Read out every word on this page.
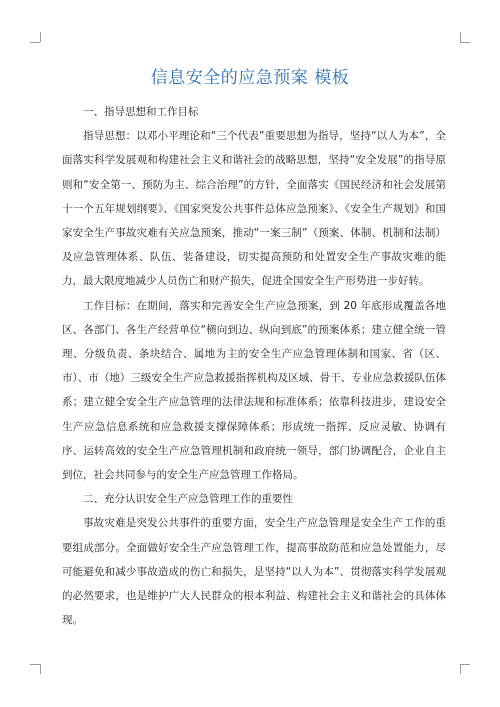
信息安全的应急预案 模板

一、指导思想和工作目标

指导思想：以邓小平理论和“三个代表”重要思想为指导，坚持“以人为本”，全面落实科学发展观和构建社会主义和谐社会的战略思想，坚持“安全发展”的指导原则和“安全第一、预防为主、综合治理”的方针，全面落实《国民经济和社会发展第十一个五年规划纲要》、《国家突发公共事件总体应急预案》、《安全生产规划》和国家安全生产事故灾难有关应急预案，推动“一案三制”（预案、体制、机制和法制）及应急管理体系、队伍、装备建设，切实提高预防和处置安全生产事故灾难的能力，最大限度地减少人员伤亡和财产损失，促进全国安全生产形势进一步好转。

工作目标：在期间，落实和完善安全生产应急预案，到 20 年底形成覆盖各地区、各部门、各生产经营单位“横向到边、纵向到底”的预案体系；建立健全统一管理、分级负责、条块结合、属地为主的安全生产应急管理体制和国家、省（区、市）、市（地）三级安全生产应急救援指挥机构及区域、骨干、专业应急救援队伍体系；建立健全安全生产应急管理的法律法规和标准体系；依靠科技进步，建设安全生产应急信息系统和应急救援支撑保障体系；形成统一指挥、反应灵敏、协调有序、运转高效的安全生产应急管理机制和政府统一领导，部门协调配合，企业自主到位，社会共同参与的安全生产应急管理工作格局。

二、充分认识安全生产应急管理工作的重要性

事故灾难是突发公共事件的重要方面，安全生产应急管理是安全生产工作的重要组成部分。全面做好安全生产应急管理工作，提高事故防范和应急处置能力，尽可能避免和减少事故造成的伤亡和损失，是坚持“以人为本”、贯彻落实科学发展观的必然要求，也是维护广大人民群众的根本利益、构建社会主义和谐社会的具体体现。
